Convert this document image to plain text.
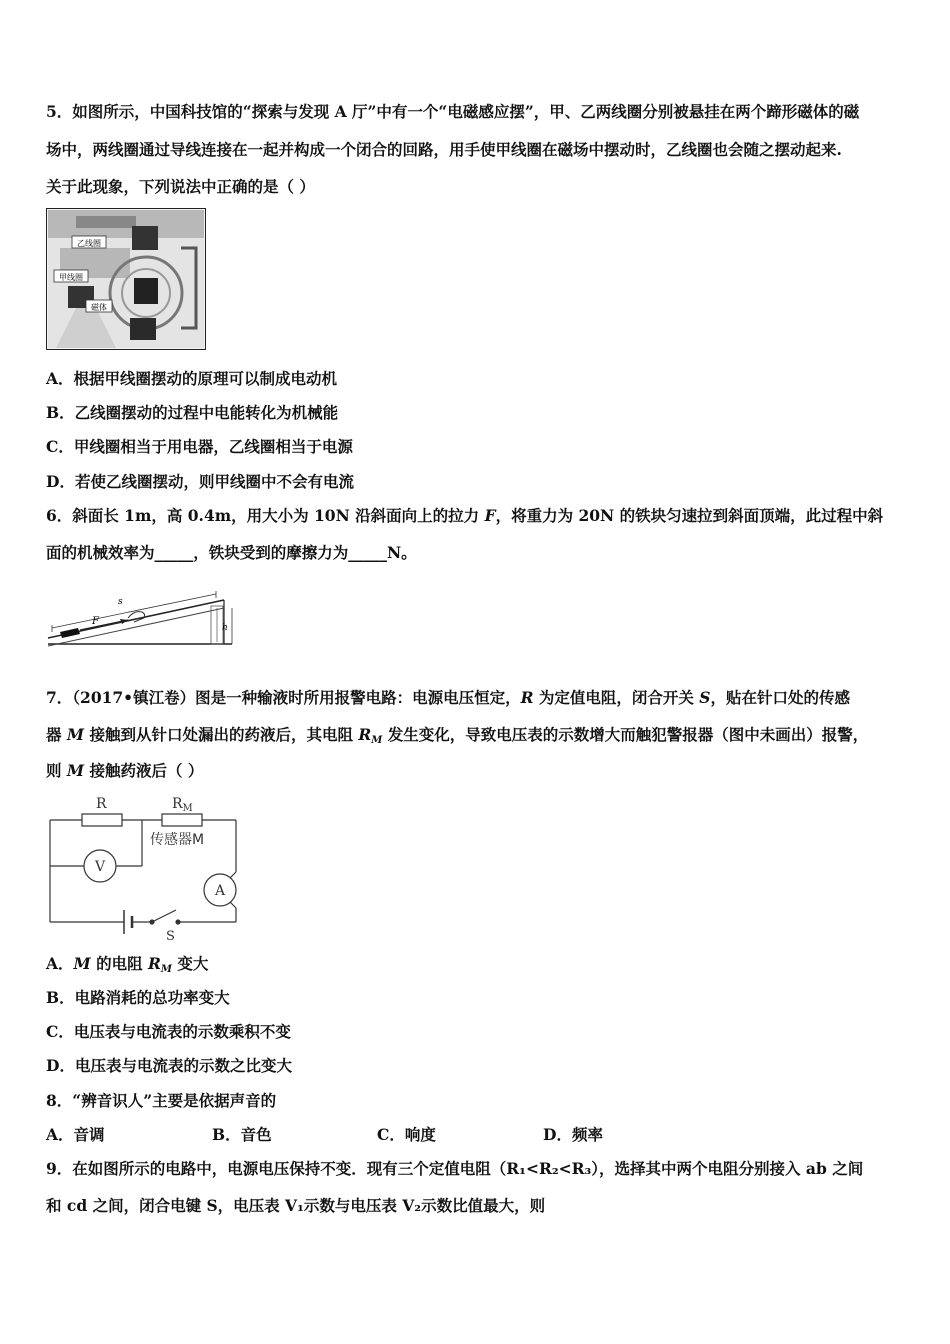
5．如图所示，中国科技馆的“探索与发现 A 厅”中有一个“电磁感应摆”，甲、乙两线圈分别被悬挂在两个蹄形磁体的磁
场中，两线圈通过导线连接在一起并构成一个闭合的回路，用手使甲线圈在磁场中摆动时，乙线圈也会随之摆动起来.
关于此现象，下列说法中正确的是（ ）
乙线圈
甲线圈
磁体
A．根据甲线圈摆动的原理可以制成电动机
B．乙线圈摆动的过程中电能转化为机械能
C．甲线圈相当于用电器，乙线圈相当于电源
D．若使乙线圈摆动，则甲线圈中不会有电流
6．斜面长 1m，高 0.4m，用大小为 10N 沿斜面向上的拉力 F，将重力为 20N 的铁块匀速拉到斜面顶端，此过程中斜
面的机械效率为_____，铁块受到的摩擦力为_____N。
s
F
h
7．（2017•镇江卷）图是一种输液时所用报警电路：电源电压恒定，R 为定值电阻，闭合开关 S，贴在针口处的传感
器 M 接触到从针口处漏出的药液后，其电阻 $R_M$ 发生变化，导致电压表的示数增大而触犯警报器（图中未画出）报警，
则 M 接触药液后（ ）
R	$R_M$
传感器M
V
A
S
A．M 的电阻 $R_M$ 变大
B．电路消耗的总功率变大
C．电压表与电流表的示数乘积不变
D．电压表与电流表的示数之比变大
8．“辨音识人”主要是依据声音的
A．音调	B．音色	C．响度	D．频率
9．在如图所示的电路中，电源电压保持不变．现有三个定值电阻（R₁<R₂<R₃），选择其中两个电阻分别接入 ab 之间
和 cd 之间，闭合电键 S，电压表 V₁示数与电压表 V₂示数比值最大，则
